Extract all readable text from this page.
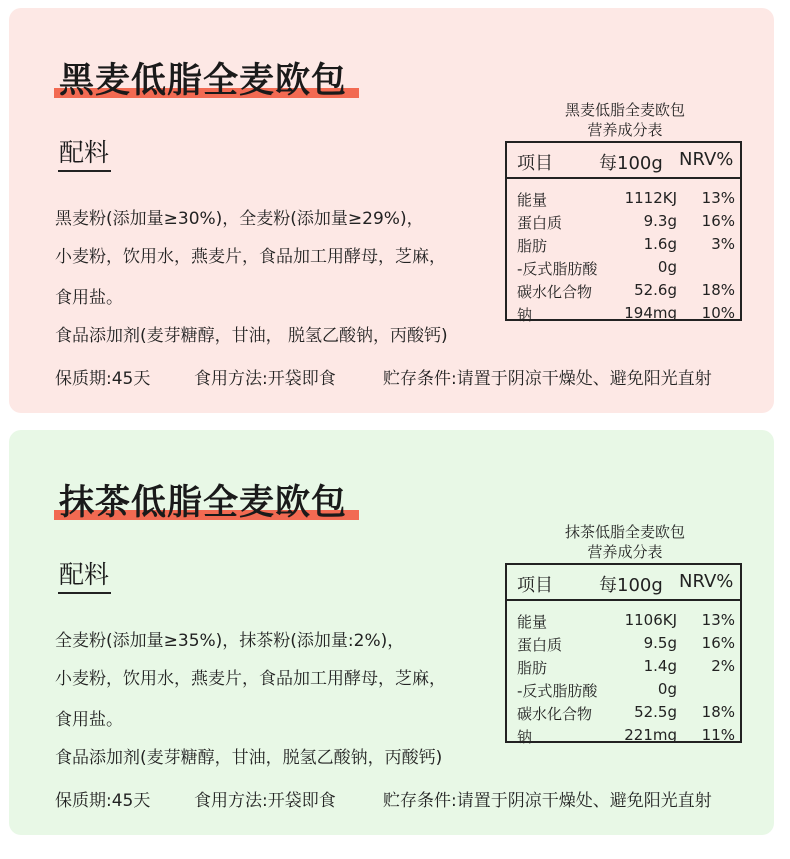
黑麦低脂全麦欧包
配料
黑麦粉(添加量≥30%)，全麦粉(添加量≥29%)，
小麦粉，饮用水，燕麦片，食品加工用酵母，芝麻，
食用盐。
食品添加剂(麦芽糖醇，甘油， 脱氢乙酸钠，丙酸钙)
保质期:45天	食用方法:开袋即食	贮存条件:请置于阴凉干燥处、避免阳光直射
黑麦低脂全麦欧包
营养成分表
项目	每100g NRV%
能量	1112KJ 13%
蛋白质	9.3g 16%
脂肪	1.6g 3%
-反式脂肪酸	0g
碳水化合物	52.6g 18%
钠	194mg 10%
抹茶低脂全麦欧包
配料
全麦粉(添加量≥35%)，抹茶粉(添加量:2%)，
小麦粉，饮用水，燕麦片，食品加工用酵母，芝麻，
食用盐。
食品添加剂(麦芽糖醇，甘油，脱氢乙酸钠，丙酸钙)
保质期:45天	食用方法:开袋即食	贮存条件:请置于阴凉干燥处、避免阳光直射
抹茶低脂全麦欧包
营养成分表
项目	每100g NRV%
能量	1106KJ 13%
蛋白质	9.5g 16%
脂肪	1.4g 2%
-反式脂肪酸	0g
碳水化合物	52.5g 18%
钠	221mg 11%
